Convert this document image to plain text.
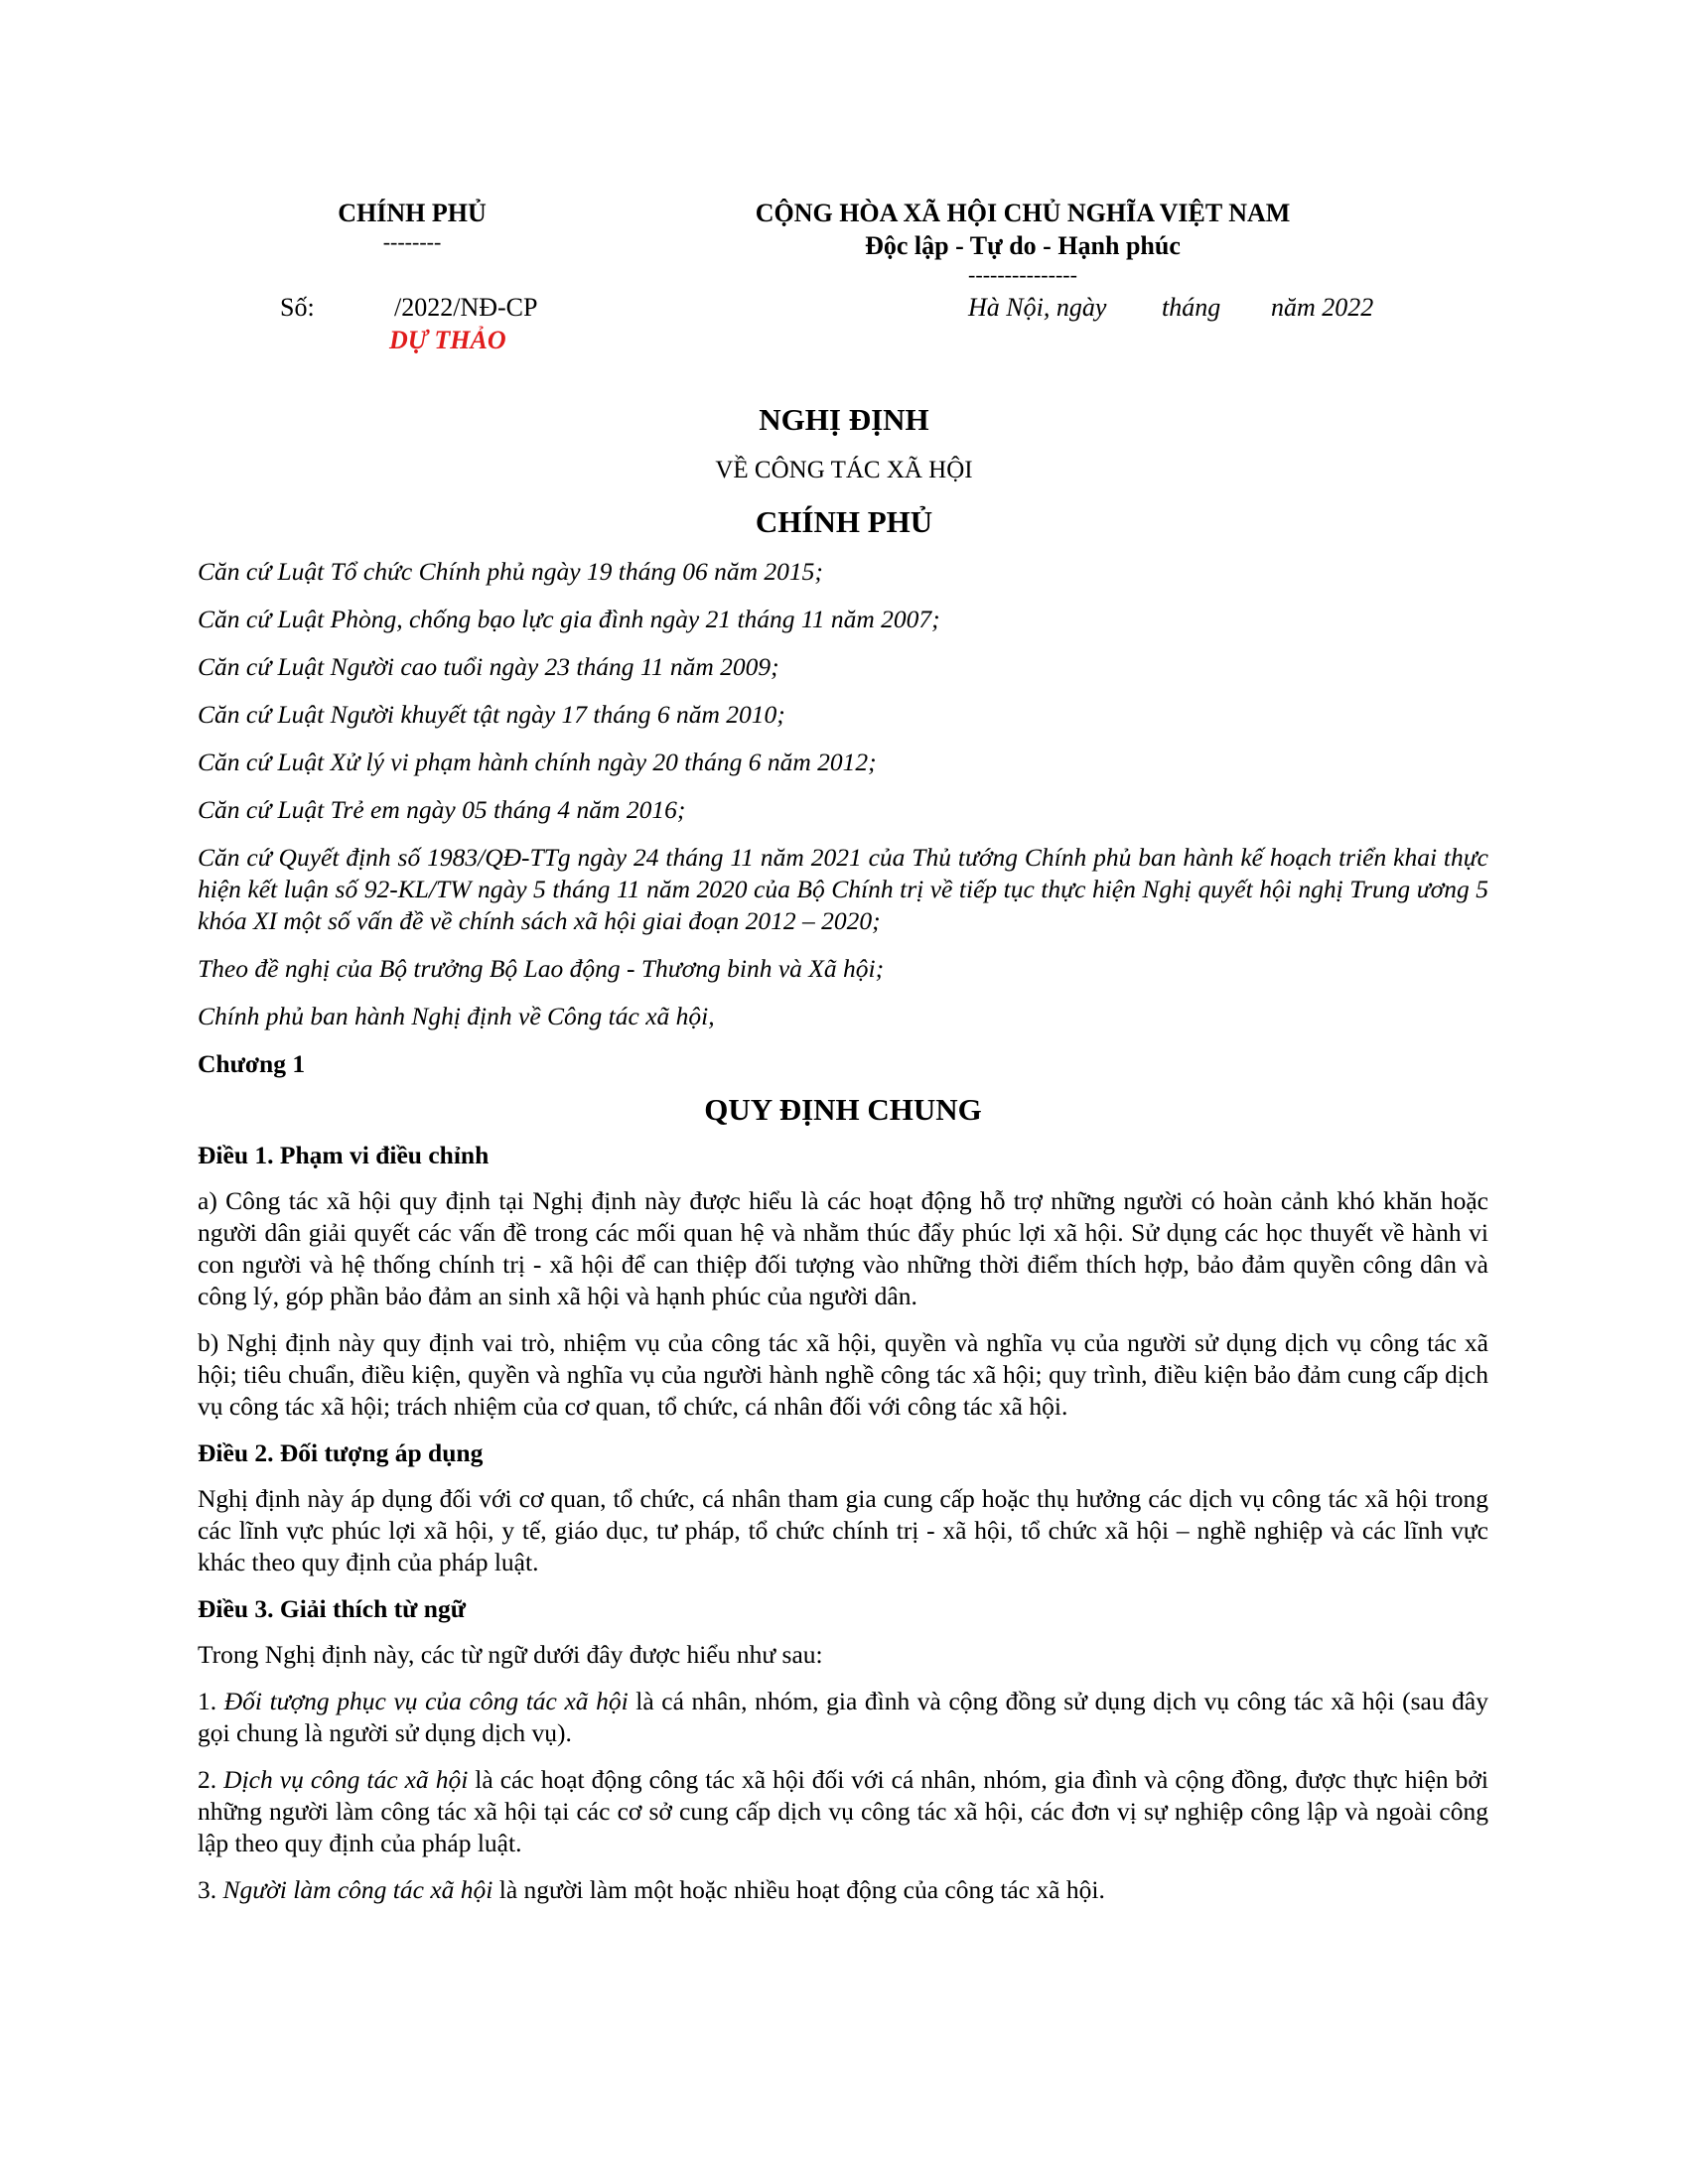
CHÍNH PHỦ
--------
CỘNG HÒA XÃ HỘI CHỦ NGHĨA VIỆT NAM
Độc lập - Tự do - Hạnh phúc
---------------
Số:	/2022/NĐ-CP
DỰ THẢO
Hà Nội, ngày tháng năm 2022
NGHỊ ĐỊNH
VỀ CÔNG TÁC XÃ HỘI
CHÍNH PHỦ

Căn cứ Luật Tổ chức Chính phủ ngày 19 tháng 06 năm 2015;

Căn cứ Luật Phòng, chống bạo lực gia đình ngày 21 tháng 11 năm 2007;

Căn cứ Luật Người cao tuổi ngày 23 tháng 11 năm 2009;

Căn cứ Luật Người khuyết tật ngày 17 tháng 6 năm 2010;

Căn cứ Luật Xử lý vi phạm hành chính ngày 20 tháng 6 năm 2012;

Căn cứ Luật Trẻ em ngày 05 tháng 4 năm 2016;

Căn cứ Quyết định số 1983/QĐ-TTg ngày 24 tháng 11 năm 2021 của Thủ tướng Chính phủ ban hành kế hoạch triển khai thực hiện kết luận số 92-KL/TW ngày 5 tháng 11 năm 2020 của Bộ Chính trị về tiếp tục thực hiện Nghị quyết hội nghị Trung ương 5 khóa XI một số vấn đề về chính sách xã hội giai đoạn 2012 – 2020;

Theo đề nghị của Bộ trưởng Bộ Lao động - Thương binh và Xã hội;

Chính phủ ban hành Nghị định về Công tác xã hội,

Chương 1

QUY ĐỊNH CHUNG

Điều 1. Phạm vi điều chỉnh

a) Công tác xã hội quy định tại Nghị định này được hiểu là các hoạt động hỗ trợ những người có hoàn cảnh khó khăn hoặc người dân giải quyết các vấn đề trong các mối quan hệ và nhằm thúc đẩy phúc lợi xã hội. Sử dụng các học thuyết về hành vi con người và hệ thống chính trị - xã hội để can thiệp đối tượng vào những thời điểm thích hợp, bảo đảm quyền công dân và công lý, góp phần bảo đảm an sinh xã hội và hạnh phúc của người dân.

b) Nghị định này quy định vai trò, nhiệm vụ của công tác xã hội, quyền và nghĩa vụ của người sử dụng dịch vụ công tác xã hội; tiêu chuẩn, điều kiện, quyền và nghĩa vụ của người hành nghề công tác xã hội; quy trình, điều kiện bảo đảm cung cấp dịch vụ công tác xã hội; trách nhiệm của cơ quan, tổ chức, cá nhân đối với công tác xã hội.

Điều 2. Đối tượng áp dụng

Nghị định này áp dụng đối với cơ quan, tổ chức, cá nhân tham gia cung cấp hoặc thụ hưởng các dịch vụ công tác xã hội trong các lĩnh vực phúc lợi xã hội, y tế, giáo dục, tư pháp, tổ chức chính trị - xã hội, tổ chức xã hội – nghề nghiệp và các lĩnh vực khác theo quy định của pháp luật.

Điều 3. Giải thích từ ngữ

Trong Nghị định này, các từ ngữ dưới đây được hiểu như sau:

1. Đối tượng phục vụ của công tác xã hội là cá nhân, nhóm, gia đình và cộng đồng sử dụng dịch vụ công tác xã hội (sau đây gọi chung là người sử dụng dịch vụ).

2. Dịch vụ công tác xã hội là các hoạt động công tác xã hội đối với cá nhân, nhóm, gia đình và cộng đồng, được thực hiện bởi những người làm công tác xã hội tại các cơ sở cung cấp dịch vụ công tác xã hội, các đơn vị sự nghiệp công lập và ngoài công lập theo quy định của pháp luật.

3. Người làm công tác xã hội là người làm một hoặc nhiều hoạt động của công tác xã hội.
